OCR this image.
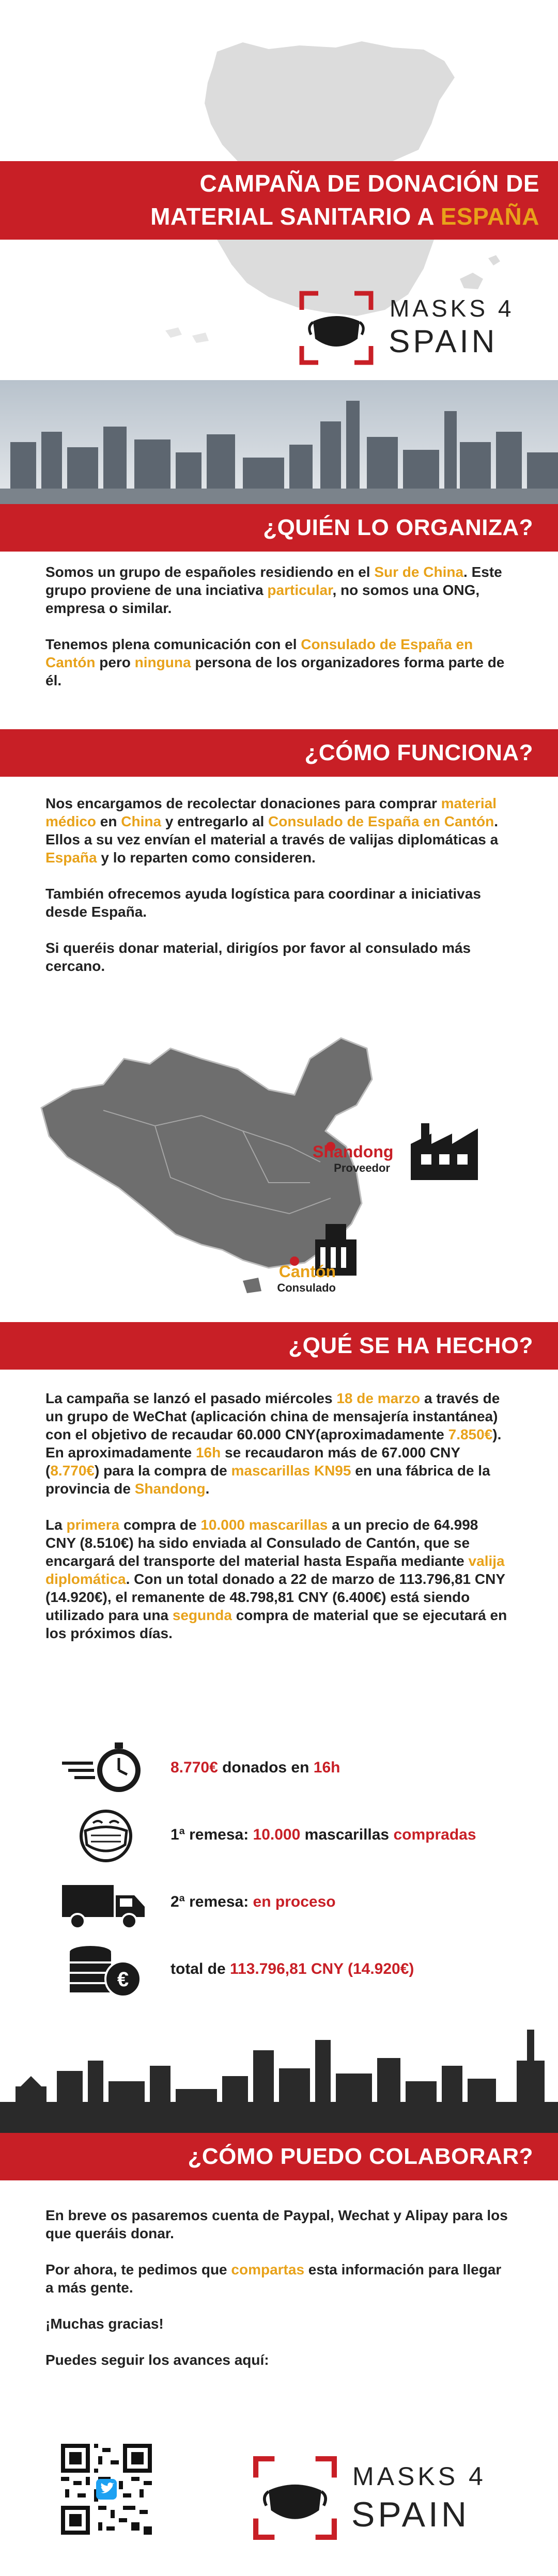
CAMPAÑA DE DONACIÓN DE
MATERIAL SANITARIO A ESPAÑA
MASKS 4
SPAIN
¿QUIÉN LO ORGANIZA?

Somos un grupo de españoles residiendo en el Sur de China. Este grupo proviene de una inciativa particular, no somos una ONG, empresa o similar.

Tenemos plena comunicación con el Consulado de España en Cantón pero ninguna persona de los organizadores forma parte de él.

¿CÓMO FUNCIONA?

Nos encargamos de recolectar donaciones para comprar material médico en China y entregarlo al Consulado de España en Cantón. Ellos a su vez envían el material a través de valijas diplomáticas a España y lo reparten como consideren.

También ofrecemos ayuda logística para coordinar a iniciativas desde España.

Si queréis donar material, dirigíos por favor al consulado más cercano.

Shandong
Proveedor
Cantón
Consulado
¿QUÉ SE HA HECHO?

La campaña se lanzó el pasado miércoles 18 de marzo a través de un grupo de WeChat (aplicación china de mensajería instantánea) con el objetivo de recaudar 60.000 CNY(aproximadamente 7.850€). En aproximadamente 16h se recaudaron más de 67.000 CNY (8.770€) para la compra de mascarillas KN95 en una fábrica de la provincia de Shandong.

La primera compra de 10.000 mascarillas a un precio de 64.998 CNY (8.510€) ha sido enviada al Consulado de Cantón, que se encargará del transporte del material hasta España mediante valija diplomática. Con un total donado a 22 de marzo de 113.796,81 CNY (14.920€), el remanente de 48.798,81 CNY (6.400€) está siendo utilizado para una segunda compra de material que se ejecutará en los próximos días.

8.770€ donados en 16h
1ª remesa: 10.000 mascarillas compradas
2ª remesa: en proceso
€	total de 113.796,81 CNY (14.920€)
¿CÓMO PUEDO COLABORAR?

En breve os pasaremos cuenta de Paypal, Wechat y Alipay para los que queráis donar.

Por ahora, te pedimos que compartas esta información para llegar a más gente.

¡Muchas gracias!

Puedes seguir los avances aquí:

MASKS 4
SPAIN
